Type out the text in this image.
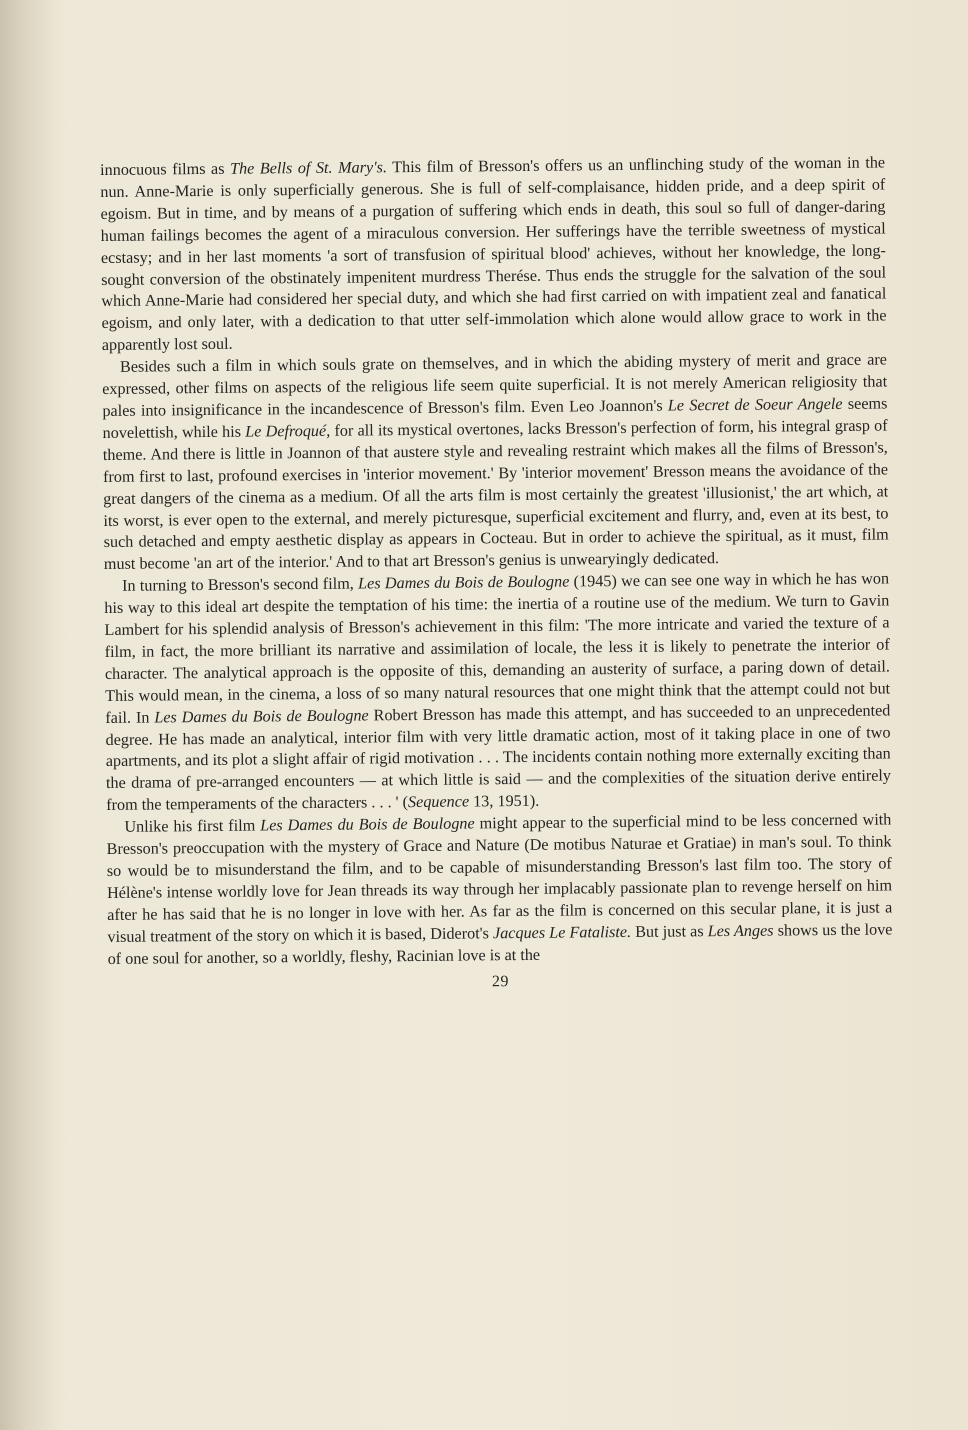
innocuous films as The Bells of St. Mary's. This film of Bresson's offers us an unflinching study of the woman in the nun. Anne-Marie is only superficially generous. She is full of self-complaisance, hidden pride, and a deep spirit of egoism. But in time, and by means of a purgation of suffering which ends in death, this soul so full of danger-daring human failings becomes the agent of a miraculous conversion. Her sufferings have the terrible sweetness of mystical ecstasy; and in her last moments 'a sort of transfusion of spiritual blood' achieves, without her knowledge, the long-sought conversion of the obstinately impenitent murdress Therése. Thus ends the struggle for the salvation of the soul which Anne-Marie had considered her special duty, and which she had first carried on with impatient zeal and fanatical egoism, and only later, with a dedication to that utter self-immolation which alone would allow grace to work in the apparently lost soul.

Besides such a film in which souls grate on themselves, and in which the abiding mystery of merit and grace are expressed, other films on aspects of the religious life seem quite superficial. It is not merely American religiosity that pales into insignificance in the incandescence of Bresson's film. Even Leo Joannon's Le Secret de Soeur Angele seems novelettish, while his Le Defroqué, for all its mystical overtones, lacks Bresson's perfection of form, his integral grasp of theme. And there is little in Joannon of that austere style and revealing restraint which makes all the films of Bresson's, from first to last, profound exercises in 'interior movement.' By 'interior movement' Bresson means the avoidance of the great dangers of the cinema as a medium. Of all the arts film is most certainly the greatest 'illusionist,' the art which, at its worst, is ever open to the external, and merely picturesque, superficial excitement and flurry, and, even at its best, to such detached and empty aesthetic display as appears in Cocteau. But in order to achieve the spiritual, as it must, film must become 'an art of the interior.' And to that art Bresson's genius is unwearyingly dedicated.

In turning to Bresson's second film, Les Dames du Bois de Boulogne (1945) we can see one way in which he has won his way to this ideal art despite the temptation of his time: the inertia of a routine use of the medium. We turn to Gavin Lambert for his splendid analysis of Bresson's achievement in this film: 'The more intricate and varied the texture of a film, in fact, the more brilliant its narrative and assimilation of locale, the less it is likely to penetrate the interior of character. The analytical approach is the opposite of this, demanding an austerity of surface, a paring down of detail. This would mean, in the cinema, a loss of so many natural resources that one might think that the attempt could not but fail. In Les Dames du Bois de Boulogne Robert Bresson has made this attempt, and has succeeded to an unprecedented degree. He has made an analytical, interior film with very little dramatic action, most of it taking place in one of two apartments, and its plot a slight affair of rigid motivation . . . The incidents contain nothing more externally exciting than the drama of pre-arranged encounters — at which little is said — and the complexities of the situation derive entirely from the temperaments of the characters . . . ' (Sequence 13, 1951).

Unlike his first film Les Dames du Bois de Boulogne might appear to the superficial mind to be less concerned with Bresson's preoccupation with the mystery of Grace and Nature (De motibus Naturae et Gratiae) in man's soul. To think so would be to misunderstand the film, and to be capable of misunderstanding Bresson's last film too. The story of Hélène's intense worldly love for Jean threads its way through her implacably passionate plan to revenge herself on him after he has said that he is no longer in love with her. As far as the film is concerned on this secular plane, it is just a visual treatment of the story on which it is based, Diderot's Jacques Le Fataliste. But just as Les Anges shows us the love of one soul for another, so a worldly, fleshy, Racinian love is at the

29
